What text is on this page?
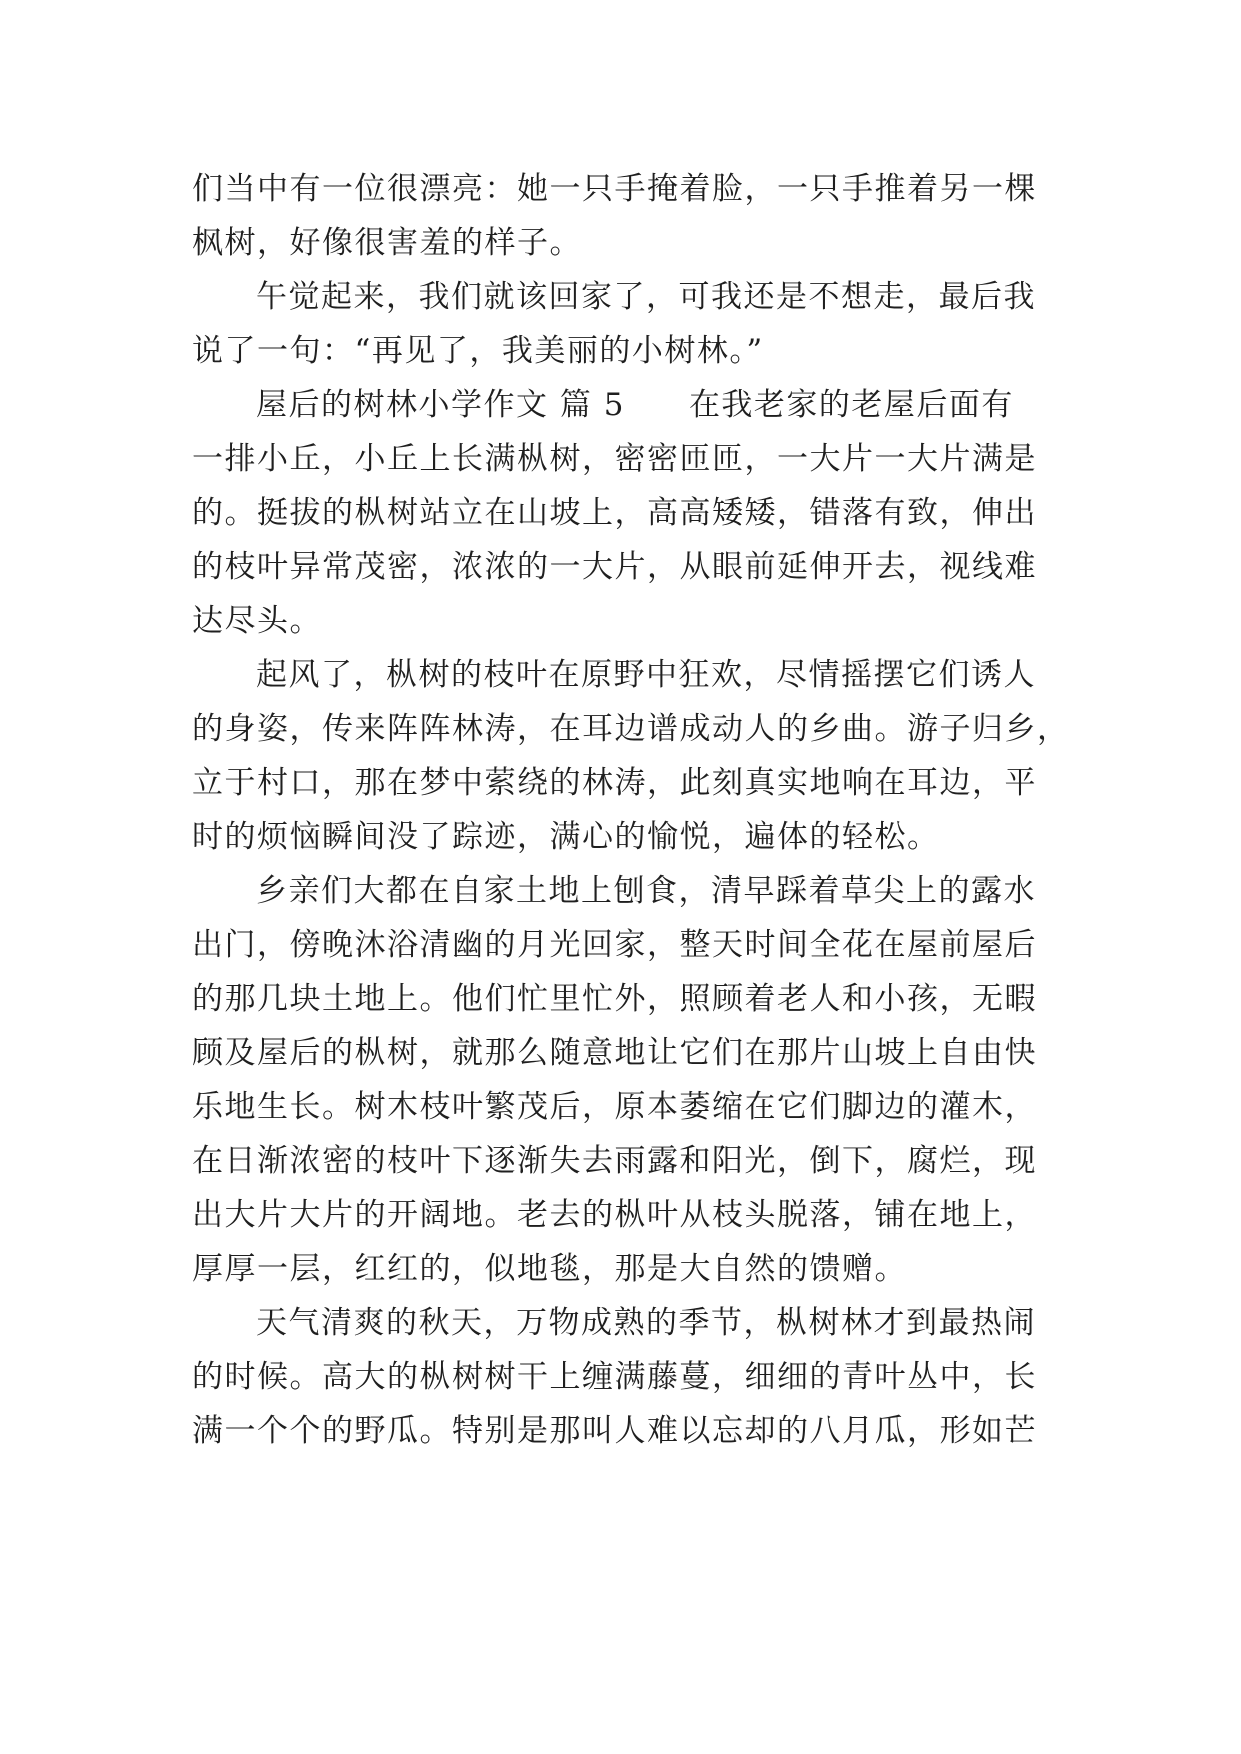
们当中有一位很漂亮：她一只手掩着脸，一只手推着另一棵
枫树，好像很害羞的样子。
午觉起来，我们就该回家了，可我还是不想走，最后我
说了一句：“再见了，我美丽的小树林。”
屋后的树林小学作文 篇 5 在我老家的老屋后面有
一排小丘，小丘上长满枞树，密密匝匝，一大片一大片满是
的。挺拔的枞树站立在山坡上，高高矮矮，错落有致，伸出
的枝叶异常茂密，浓浓的一大片，从眼前延伸开去，视线难
达尽头。
起风了，枞树的枝叶在原野中狂欢，尽情摇摆它们诱人
的身姿，传来阵阵林涛，在耳边谱成动人的乡曲。游子归乡，
立于村口，那在梦中萦绕的林涛，此刻真实地响在耳边，平
时的烦恼瞬间没了踪迹，满心的愉悦，遍体的轻松。
乡亲们大都在自家土地上刨食，清早踩着草尖上的露水
出门，傍晚沐浴清幽的月光回家，整天时间全花在屋前屋后
的那几块土地上。他们忙里忙外，照顾着老人和小孩，无暇
顾及屋后的枞树，就那么随意地让它们在那片山坡上自由快
乐地生长。树木枝叶繁茂后，原本萎缩在它们脚边的灌木，
在日渐浓密的枝叶下逐渐失去雨露和阳光，倒下，腐烂，现
出大片大片的开阔地。老去的枞叶从枝头脱落，铺在地上，
厚厚一层，红红的，似地毯，那是大自然的馈赠。
天气清爽的秋天，万物成熟的季节，枞树林才到最热闹
的时候。高大的枞树树干上缠满藤蔓，细细的青叶丛中，长
满一个个的野瓜。特别是那叫人难以忘却的八月瓜，形如芒
